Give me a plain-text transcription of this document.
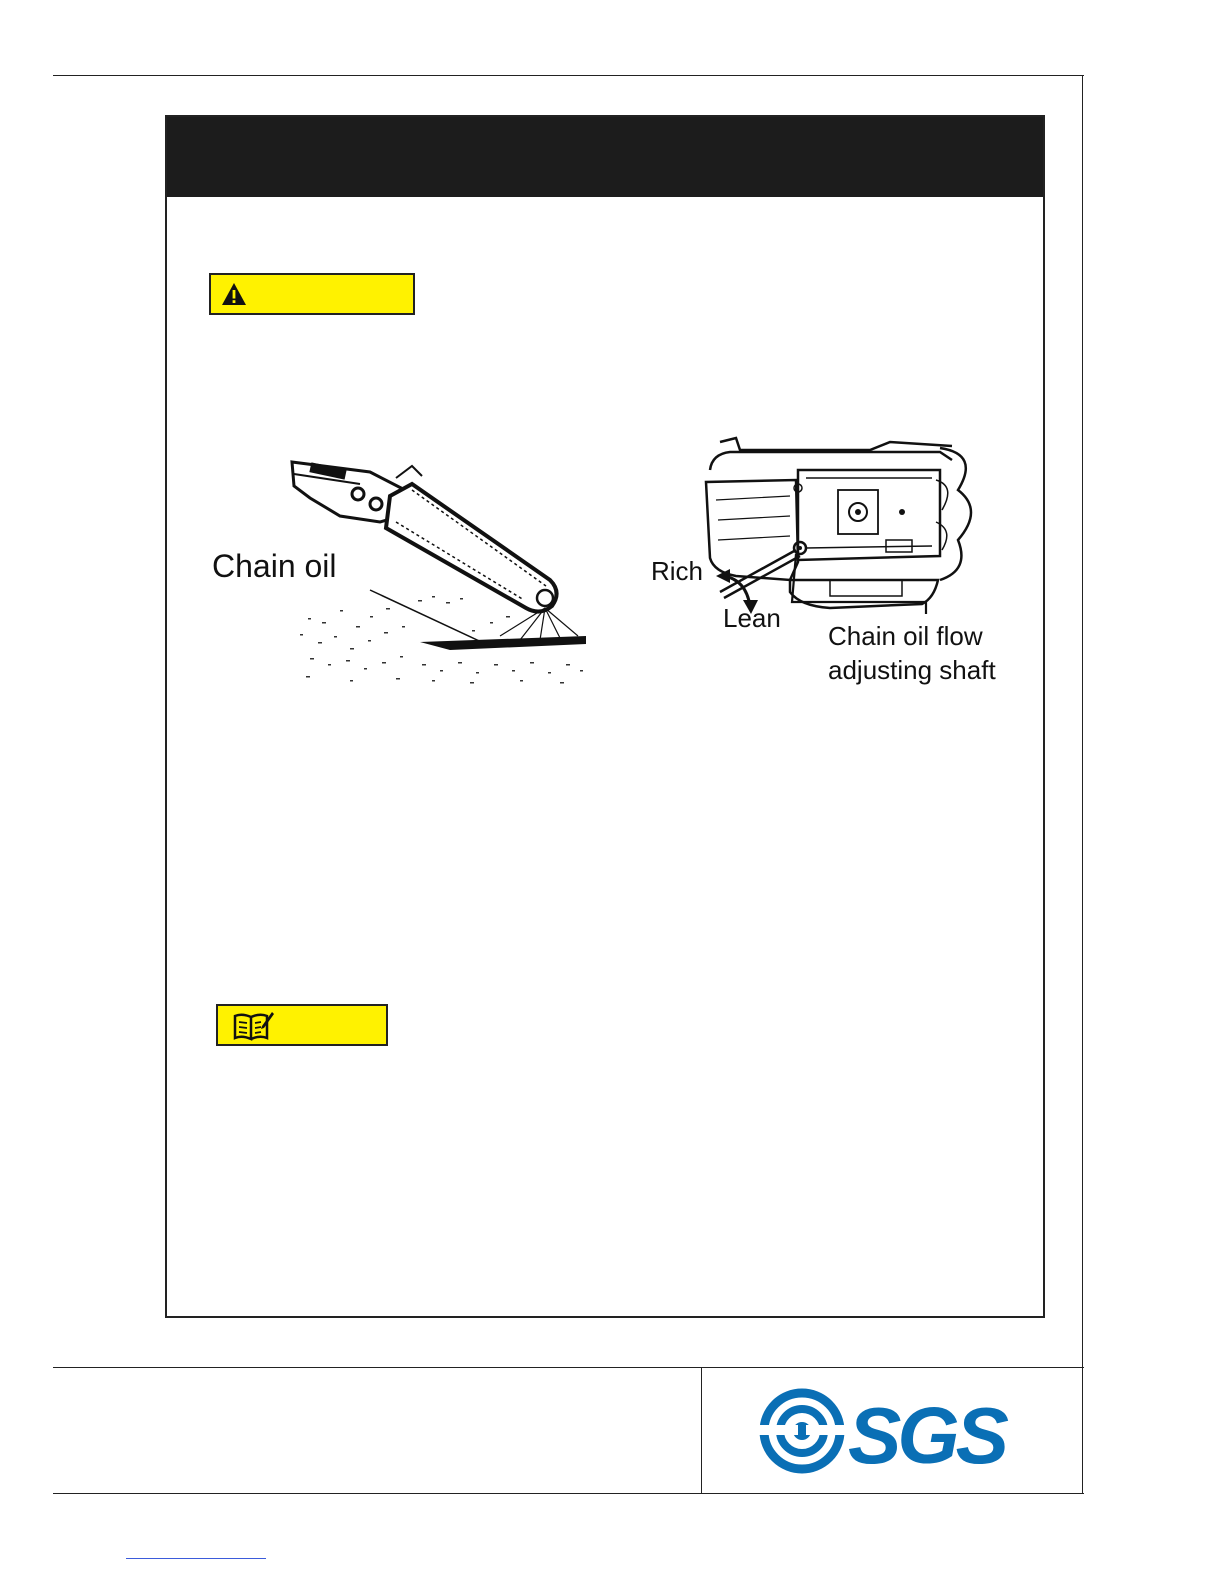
Chain oil	Rich
Lean
Chain oil flow
adjusting shaft
SGS
